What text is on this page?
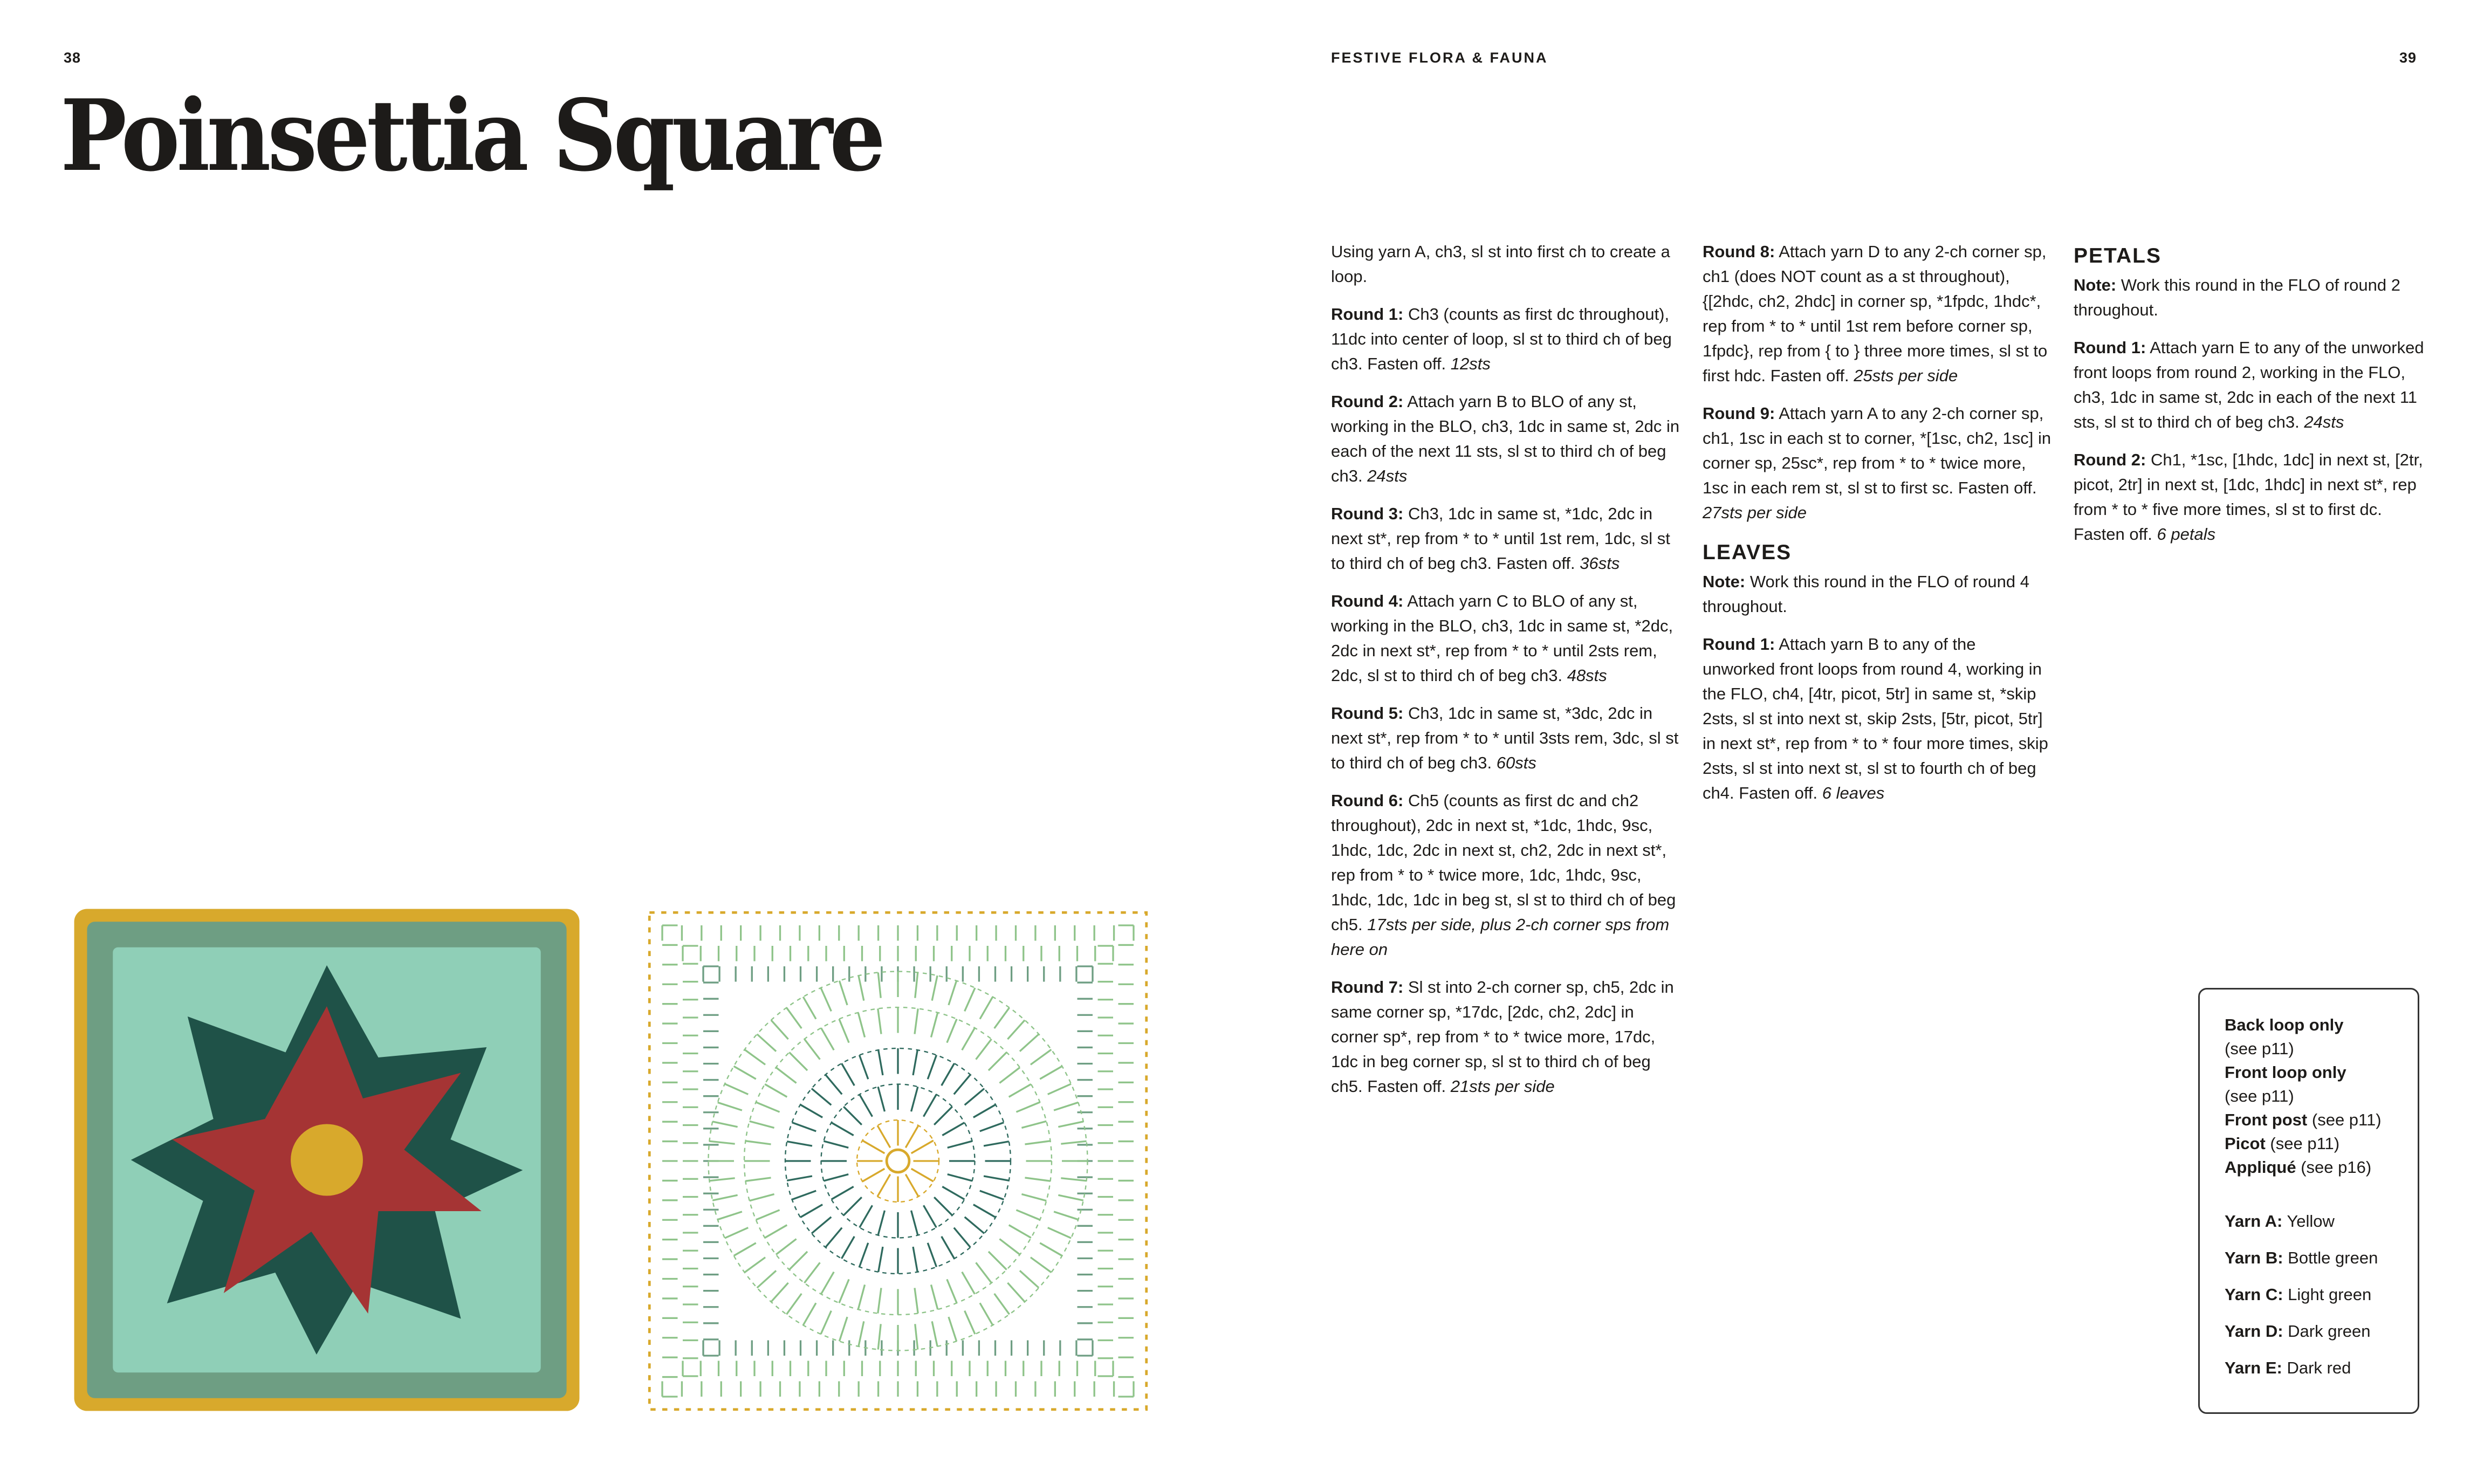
38	FESTIVE FLORA & FAUNA	39
Poinsettia Square

Using yarn A, ch3, sl st into first ch to create a loop.

Round 1: Ch3 (counts as first dc throughout), 11dc into center of loop, sl st to third ch of beg ch3. Fasten off. 12sts

Round 2: Attach yarn B to BLO of any st, working in the BLO, ch3, 1dc in same st, 2dc in each of the next 11 sts, sl st to third ch of beg ch3. 24sts

Round 3: Ch3, 1dc in same st, *1dc, 2dc in next st*, rep from * to * until 1st rem, 1dc, sl st to third ch of beg ch3. Fasten off. 36sts

Round 4: Attach yarn C to BLO of any st, working in the BLO, ch3, 1dc in same st, *2dc, 2dc in next st*, rep from * to * until 2sts rem, 2dc, sl st to third ch of beg ch3. 48sts

Round 5: Ch3, 1dc in same st, *3dc, 2dc in next st*, rep from * to * until 3sts rem, 3dc, sl st to third ch of beg ch3. 60sts

Round 6: Ch5 (counts as first dc and ch2 throughout), 2dc in next st, *1dc, 1hdc, 9sc, 1hdc, 1dc, 2dc in next st, ch2, 2dc in next st*, rep from * to * twice more, 1dc, 1hdc, 9sc, 1hdc, 1dc, 1dc in beg st, sl st to third ch of beg ch5. 17sts per side, plus 2-ch corner sps from here on

Round 7: Sl st into 2-ch corner sp, ch5, 2dc in same corner sp, *17dc, [2dc, ch2, 2dc] in corner sp*, rep from * to * twice more, 17dc, 1dc in beg corner sp, sl st to third ch of beg ch5. Fasten off. 21sts per side

Round 8: Attach yarn D to any 2-ch corner sp, ch1 (does NOT count as a st throughout), {[2hdc, ch2, 2hdc] in corner sp, *1fpdc, 1hdc*, rep from * to * until 1st rem before corner sp, 1fpdc}, rep from { to } three more times, sl st to first hdc. Fasten off. 25sts per side

Round 9: Attach yarn A to any 2-ch corner sp, ch1, 1sc in each st to corner, *[1sc, ch2, 1sc] in corner sp, 25sc*, rep from * to * twice more, 1sc in each rem st, sl st to first sc. Fasten off. 27sts per side

LEAVES

Note: Work this round in the FLO of round 4 throughout.

Round 1: Attach yarn B to any of the unworked front loops from round 4, working in the FLO, ch4, [4tr, picot, 5tr] in same st, *skip 2sts, sl st into next st, skip 2sts, [5tr, picot, 5tr] in next st*, rep from * to * four more times, skip 2sts, sl st into next st, sl st to fourth ch of beg ch4. Fasten off. 6 leaves

PETALS

Note: Work this round in the FLO of round 2 throughout.

Round 1: Attach yarn E to any of the unworked front loops from round 2, working in the FLO, ch3, 1dc in same st, 2dc in each of the next 11 sts, sl st to third ch of beg ch3. 24sts

Round 2: Ch1, *1sc, [1hdc, 1dc] in next st, [2tr, picot, 2tr] in next st, [1dc, 1hdc] in next st*, rep from * to * five more times, sl st to first dc. Fasten off. 6 petals

Back loop only
(see p11)

Front loop only
(see p11)

Front post (see p11)

Picot (see p11)

Appliqué (see p16)

Yarn A: Yellow

Yarn B: Bottle green

Yarn C: Light green

Yarn D: Dark green

Yarn E: Dark red
